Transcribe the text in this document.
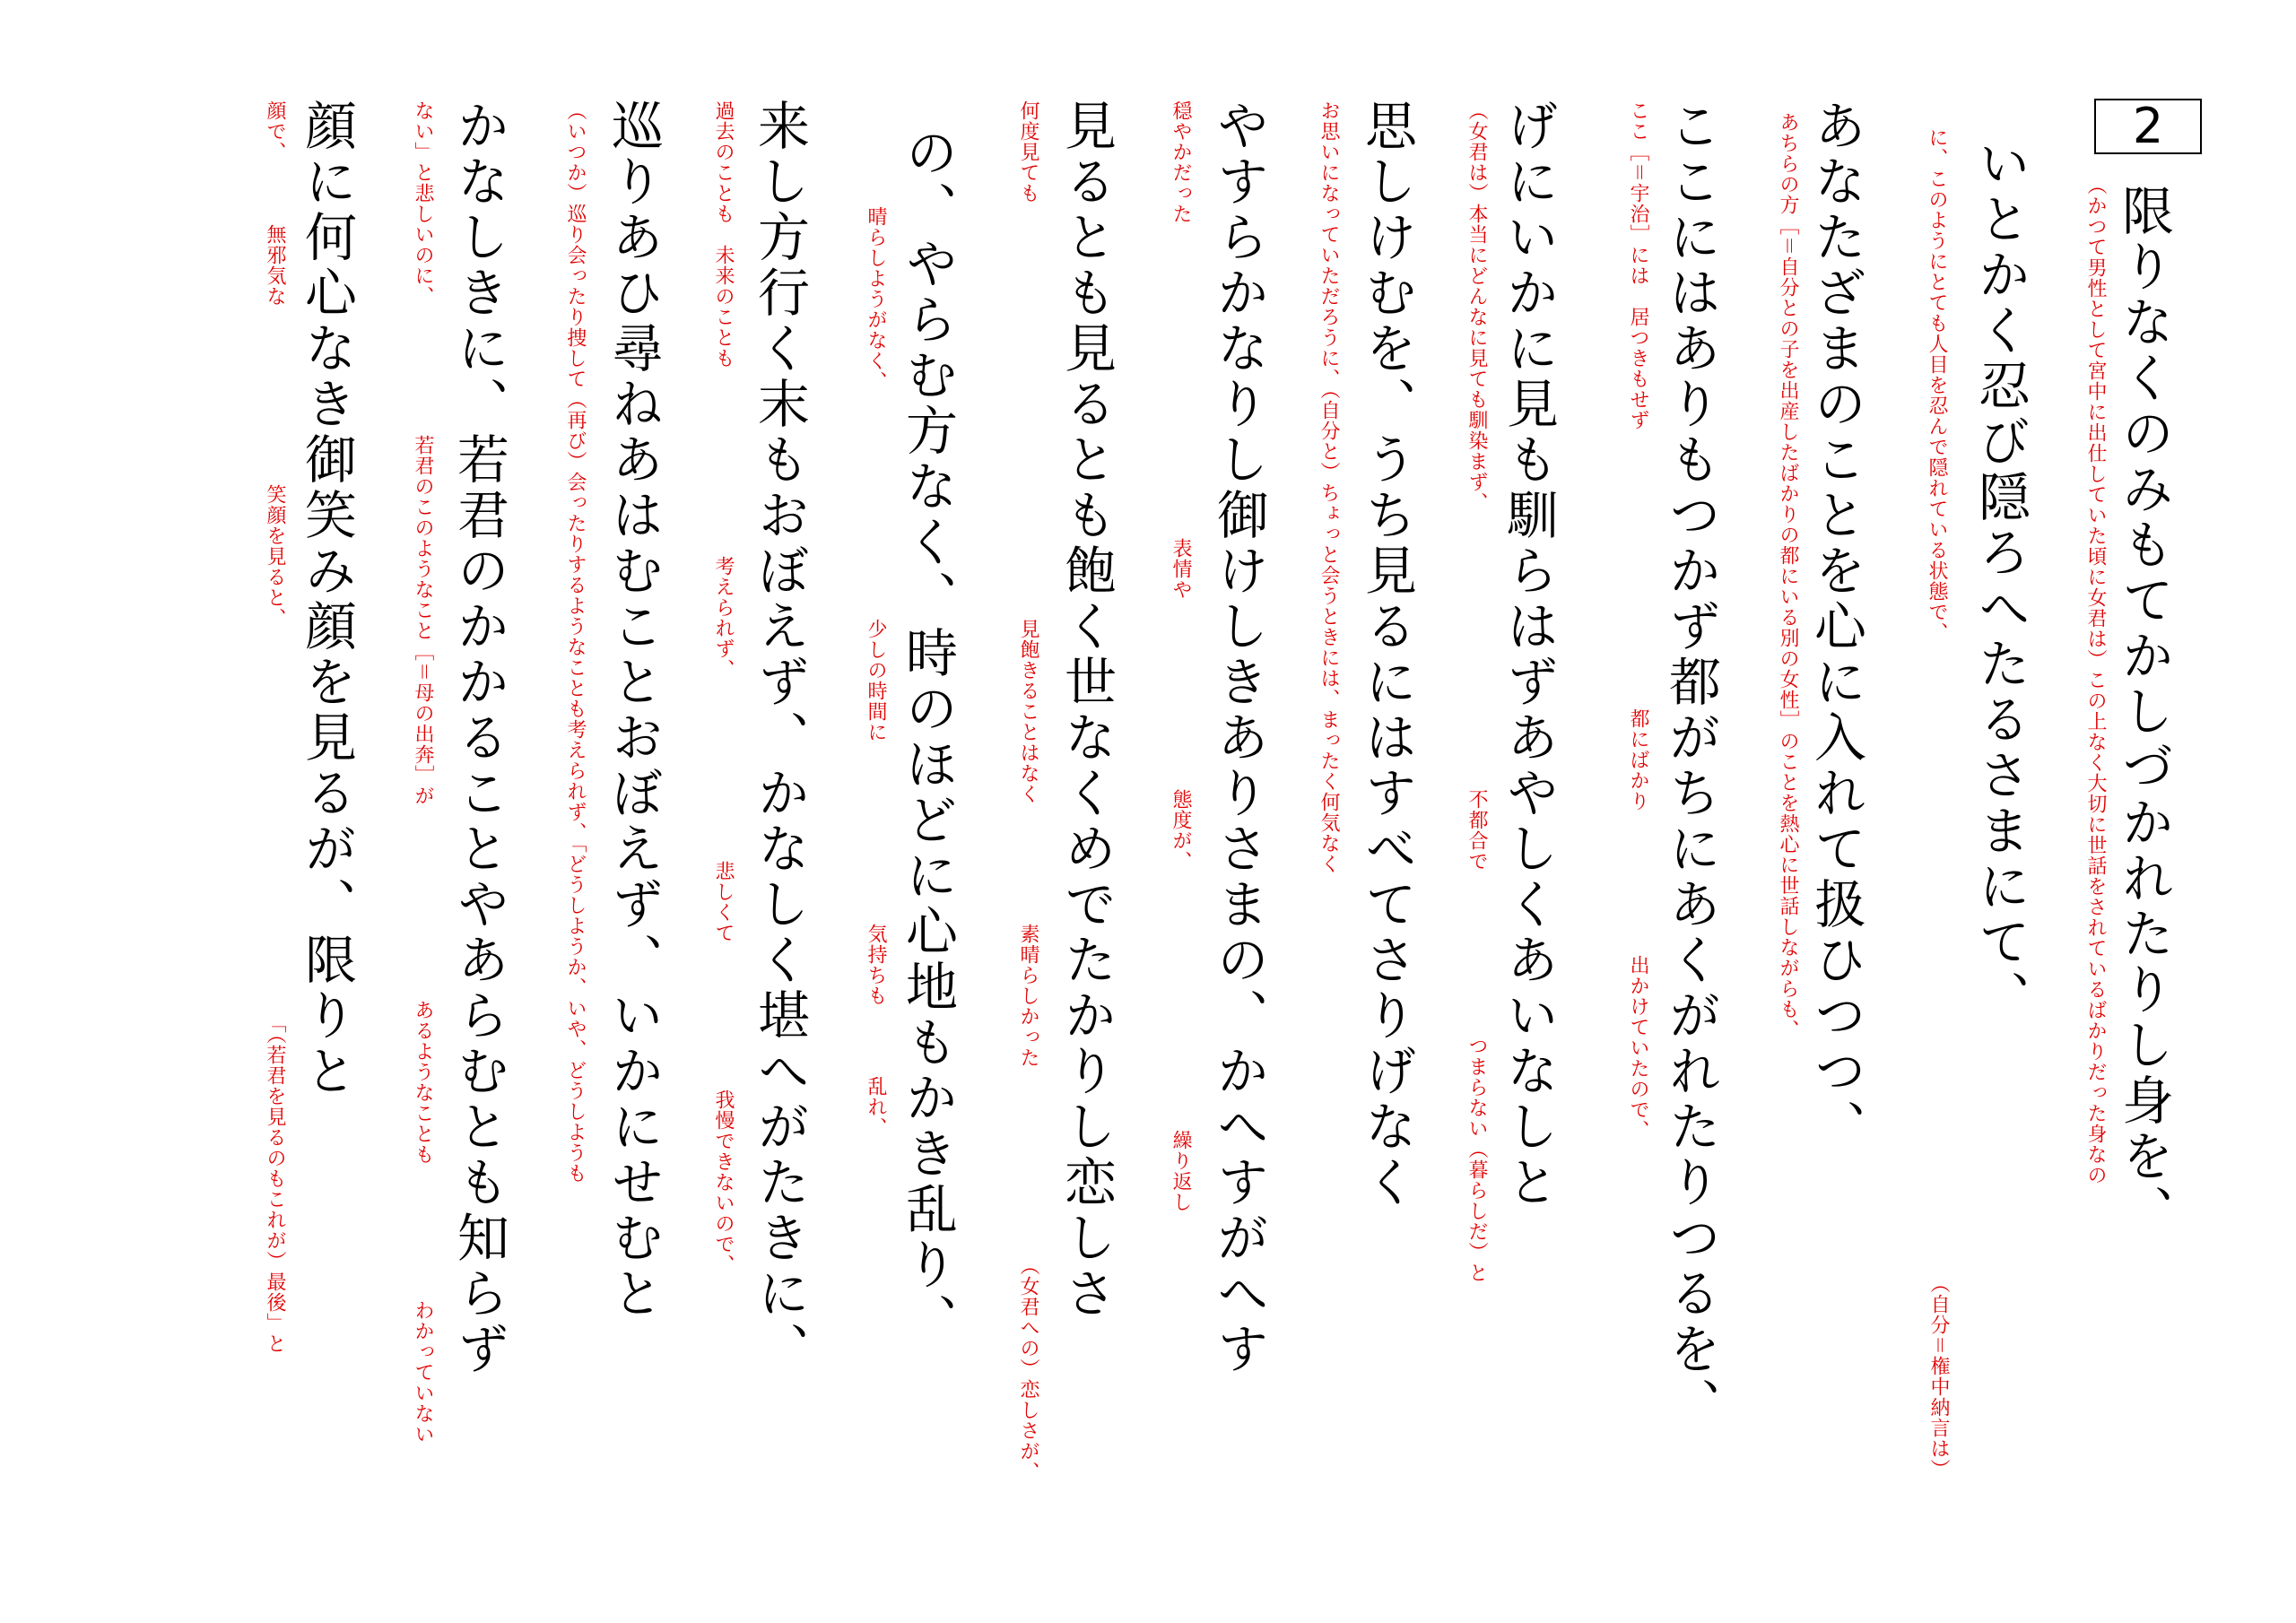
2
限りなくのみもてかしづかれたりし身を、
（かつて男性として宮中に出仕していた頃に女君は）この上なく大切に世話をされているばかりだった身なの
（自分＝権中納言は）
いとかく忍び隠ろへたるさまにて、
に、このようにとても人目を忍んで隠れている状態で、
あなたざまのことを心に入れて扱ひつつ、
あちらの方［＝自分との子を出産したばかりの都にいる別の女性］のことを熱心に世話しながらも、
ここにはありもつかず都がちにあくがれたりつるを、
ここ［＝宇治］には　居つきもせず
都にばかり
出かけていたので、
げにいかに見も馴らはずあやしくあいなしと
（女君は）本当にどんなに見ても馴染まず、
不都合で
つまらない（暮らしだ）と
思しけむを、うち見るにはすべてさりげなく
お思いになっていただろうに、（自分と）ちょっと会うときには、まったく何気なく
やすらかなりし御けしきありさまの、かへすがへす
穏やかだった
表情や
態度が、
繰り返し
見るとも見るとも飽く世なくめでたかりし恋しさ
何度見ても
見飽きることはなく
素晴らしかった
（女君への）恋しさが、
の、やらむ方なく、時のほどに心地もかき乱り、
晴らしようがなく、
少しの時間に
気持ちも
乱れ、
来し方行く末もおぼえず、かなしく堪へがたきに、
過去のことも　未来のことも
考えられず、
悲しくて
我慢できないので、
巡りあひ尋ねあはむことおぼえず、いかにせむと
（いつか）巡り会ったり捜して（再び）会ったりするようなことも考えられず、「どうしようか、いや、どうしようも
かなしきに、若君のかかることやあらむとも知らず
ない」と悲しいのに、
若君のこのようなこと［＝母の出奔］が
あるようなことも
わかっていない
顔に何心なき御笑み顔を見るが、限りと
顔で、
無邪気な
笑顔を見ると、
「（若君を見るのもこれが）最後」と
